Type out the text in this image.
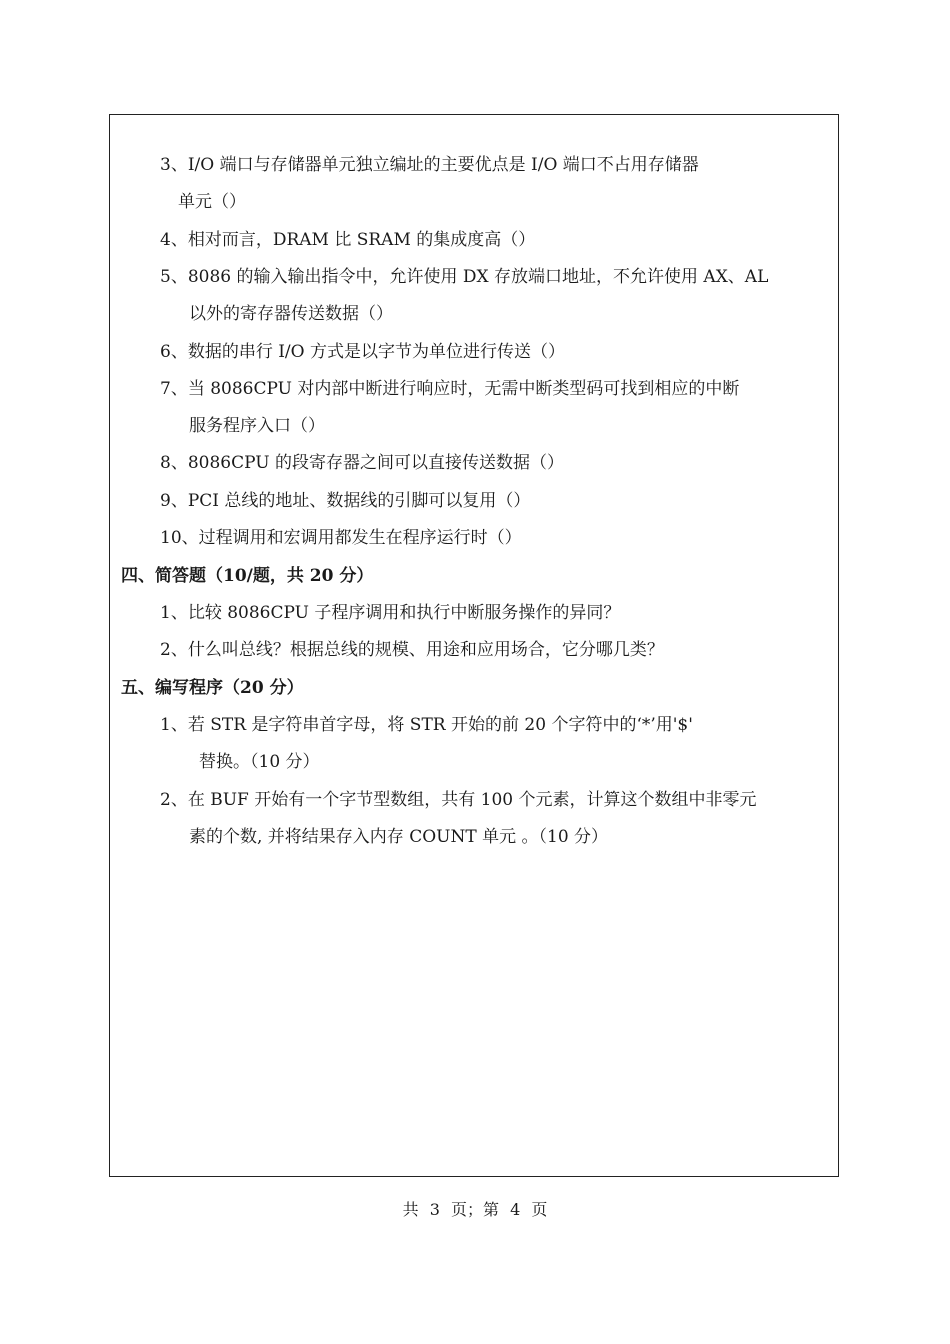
3、I/O 端口与存储器单元独立编址的主要优点是 I/O 端口不占用存储器
单元（）
4、相对而言，DRAM 比 SRAM 的集成度高（）
5、8086 的输入输出指令中，允许使用 DX 存放端口地址，不允许使用 AX、AL
以外的寄存器传送数据（）
6、数据的串行 I/O 方式是以字节为单位进行传送（）
7、当 8086CPU 对内部中断进行响应时，无需中断类型码可找到相应的中断
服务程序入口（）
8、8086CPU 的段寄存器之间可以直接传送数据（）
9、PCI 总线的地址、数据线的引脚可以复用（）
10、过程调用和宏调用都发生在程序运行时（）
四、简答题（10/题，共 20 分）
1、比较 8086CPU 子程序调用和执行中断服务操作的异同？
2、什么叫总线？根据总线的规模、用途和应用场合，它分哪几类？
五、编写程序（20 分）
1、若 STR 是字符串首字母，将 STR 开始的前 20 个字符中的‘*’用'$'
替换。（10 分）
2、在 BUF 开始有一个字节型数组，共有 100 个元素，计算这个数组中非零元
素的个数, 并将结果存入内存 COUNT 单元 。（10 分）
共 3 页；第 4 页
